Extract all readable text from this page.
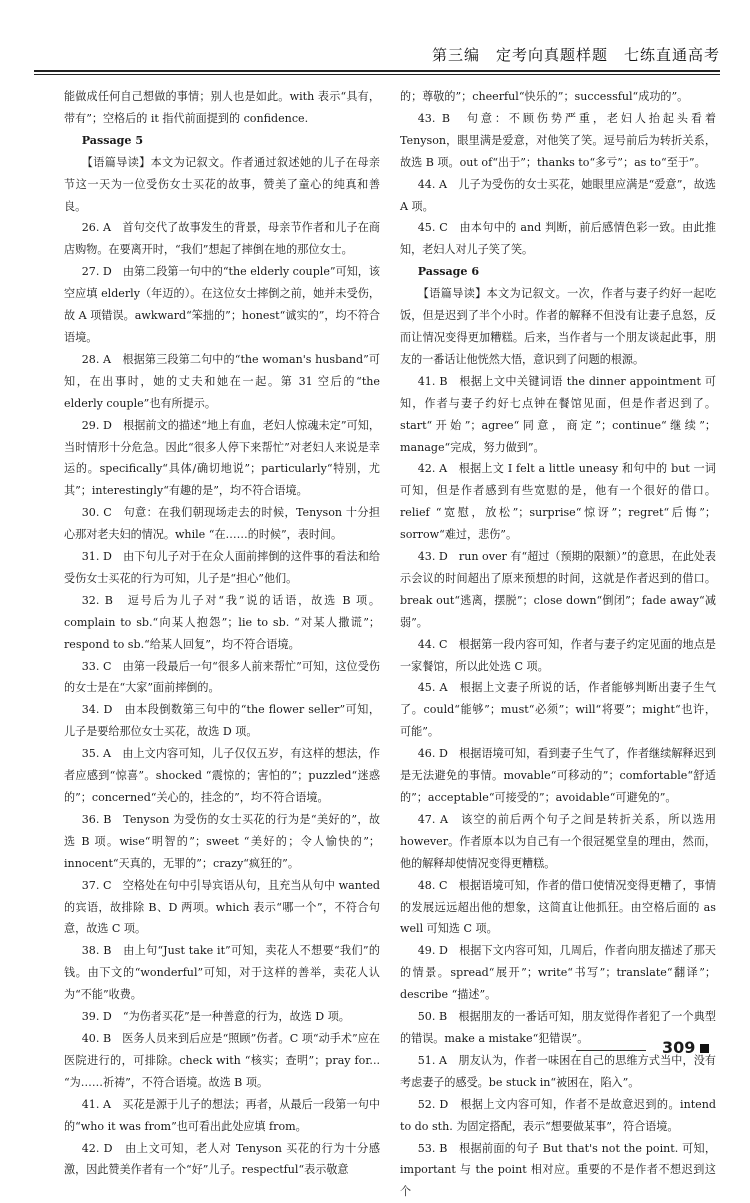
第三编　定考向真题样题　七练直通高考

能做成任何自己想做的事情；别人也是如此。with 表示“具有，带有”；空格后的 it 指代前面提到的 confidence.

Passage 5

【语篇导读】本文为记叙文。作者通过叙述她的儿子在母亲节这一天为一位受伤女士买花的故事，赞美了童心的纯真和善良。

26. A　首句交代了故事发生的背景，母亲节作者和儿子在商店购物。在要离开时，“我们”想起了摔倒在地的那位女士。

27. D　由第二段第一句中的“the elderly couple”可知，该空应填 elderly（年迈的）。在这位女士摔倒之前，她并未受伤，故 A 项错误。awkward“笨拙的”；honest“诚实的”，均不符合语境。

28. A　根据第三段第二句中的“the woman's husband”可知，在出事时，她的丈夫和她在一起。第 31 空后的“the elderly couple”也有所提示。

29. D　根据前文的描述“地上有血，老妇人惊魂未定”可知，当时情形十分危急。因此“很多人停下来帮忙”对老妇人来说是幸运的。specifically“具体/确切地说”；particularly“特别，尤其”；interestingly“有趣的是”，均不符合语境。

30. C　句意：在我们朝现场走去的时候，Tenyson 十分担心那对老夫妇的情况。while “在……的时候”，表时间。

31. D　由下句儿子对于在众人面前摔倒的这件事的看法和给受伤女士买花的行为可知，儿子是“担心”他们。

32. B　逗号后为儿子对“我”说的话语，故选 B 项。complain to sb.“向某人抱怨”；lie to sb. “对某人撒谎”；respond to sb.“给某人回复”，均不符合语境。

33. C　由第一段最后一句“很多人前来帮忙”可知，这位受伤的女士是在“大家”面前摔倒的。

34. D　由本段倒数第三句中的“the flower seller”可知，儿子是要给那位女士买花，故选 D 项。

35. A　由上文内容可知，儿子仅仅五岁，有这样的想法，作者应感到“惊喜”。shocked “震惊的；害怕的”；puzzled“迷惑的”；concerned“关心的，挂念的”，均不符合语境。

36. B　Tenyson 为受伤的女士买花的行为是“美好的”，故选 B 项。wise“明智的”；sweet “美好的；令人愉快的”；innocent“天真的，无罪的”；crazy“疯狂的”。

37. C　空格处在句中引导宾语从句，且充当从句中 wanted 的宾语，故排除 B、D 两项。which 表示“哪一个”，不符合句意，故选 C 项。

38. B　由上句“Just take it”可知，卖花人不想要“我们”的钱。由下文的“wonderful”可知，对于这样的善举，卖花人认为“不能”收费。

39. D　“为伤者买花”是一种善意的行为，故选 D 项。

40. B　医务人员来到后应是“照顾”伤者。C 项“动手术”应在医院进行的，可排除。check with “核实；查明”；pray for... “为……祈祷”，不符合语境。故选 B 项。

41. A　买花是源于儿子的想法；再者，从最后一段第一句中的“who it was from”也可看出此处应填 from。

42. D　由上文可知，老人对 Tenyson 买花的行为十分感激，因此赞美作者有一个“好”儿子。respectful“表示敬意

的；尊敬的”；cheerful“快乐的”；successful“成功的”。

43. B　句意：不顾伤势严重，老妇人抬起头看着 Tenyson，眼里满是爱意，对他笑了笑。逗号前后为转折关系，故选 B 项。out of“出于”；thanks to“多亏”；as to“至于”。

44. A　儿子为受伤的女士买花，她眼里应满是“爱意”，故选 A 项。

45. C　由本句中的 and 判断，前后感情色彩一致。由此推知，老妇人对儿子笑了笑。

Passage 6

【语篇导读】本文为记叙文。一次，作者与妻子约好一起吃饭，但是迟到了半个小时。作者的解释不但没有让妻子息怒，反而让情况变得更加糟糕。后来，当作者与一个朋友谈起此事，朋友的一番话让他恍然大悟，意识到了问题的根源。

41. B　根据上文中关键词语 the dinner appointment 可知，作者与妻子约好七点钟在餐馆见面，但是作者迟到了。start“开始”；agree“同意，商定”；continue“继续”；manage“完成，努力做到”。

42. A　根据上文 I felt a little uneasy 和句中的 but 一词可知，但是作者感到有些宽慰的是，他有一个很好的借口。relief “宽慰，放松”；surprise“惊讶”；regret“后悔”；sorrow“难过，悲伤”。

43. D　run over 有“超过（预期的限额）”的意思，在此处表示会议的时间超出了原来预想的时间，这就是作者迟到的借口。break out“逃离，摆脱”；close down“倒闭”；fade away“减弱”。

44. C　根据第一段内容可知，作者与妻子约定见面的地点是一家餐馆，所以此处选 C 项。

45. A　根据上文妻子所说的话，作者能够判断出妻子生气了。could“能够”；must“必须”；will“将要”；might“也许，可能”。

46. D　根据语境可知，看到妻子生气了，作者继续解释迟到是无法避免的事情。movable“可移动的”；comfortable“舒适的”；acceptable“可接受的”；avoidable“可避免的”。

47. A　该空的前后两个句子之间是转折关系，所以选用 however。作者原本以为自己有一个很冠冕堂皇的理由，然而，他的解释却使情况变得更糟糕。

48. C　根据语境可知，作者的借口使情况变得更糟了，事情的发展远远超出他的想象，这简直让他抓狂。由空格后面的 as well 可知选 C 项。

49. D　根据下文内容可知，几周后，作者向朋友描述了那天的情景。spread“展开”；write“书写”；translate“翻译”；describe “描述”。

50. B　根据朋友的一番话可知，朋友觉得作者犯了一个典型的错误。make a mistake“犯错误”。

51. A　朋友认为，作者一味困在自己的思维方式当中，没有考虑妻子的感受。be stuck in“被困在，陷入”。

52. D　根据上文内容可知，作者不是故意迟到的。intend to do sth. 为固定搭配，表示“想要做某事”，符合语境。

53. B　根据前面的句子 But that's not the point. 可知，important 与 the point 相对应。重要的不是作者不想迟到这个

309
